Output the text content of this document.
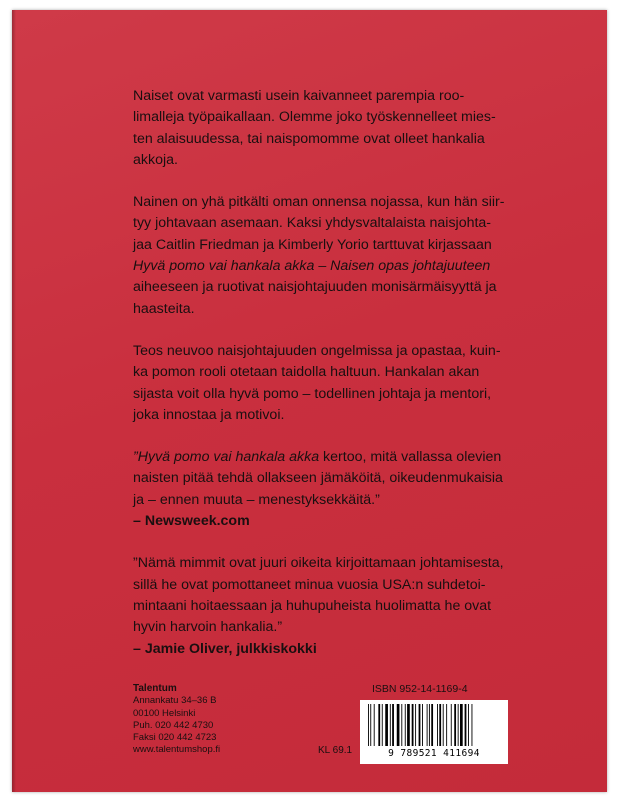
Naiset ovat varmasti usein kaivanneet parempia roo-
limalleja työpaikallaan. Olemme joko työskennelleet mies-
ten alaisuudessa, tai naispomomme ovat olleet hankalia
akkoja.

Nainen on yhä pitkälti oman onnensa nojassa, kun hän siir-
tyy johtavaan asemaan. Kaksi yhdysvaltalaista naisjohta-
jaa Caitlin Friedman ja Kimberly Yorio tarttuvat kirjassaan
Hyvä pomo vai hankala akka – Naisen opas johtajuuteen
aiheeseen ja ruotivat naisjohtajuuden monisärmäisyyttä ja
haasteita.

Teos neuvoo naisjohtajuuden ongelmissa ja opastaa, kuin-
ka pomon rooli otetaan taidolla haltuun. Hankalan akan
sijasta voit olla hyvä pomo – todellinen johtaja ja mentori,
joka innostaa ja motivoi.

”Hyvä pomo vai hankala akka kertoo, mitä vallassa olevien
naisten pitää tehdä ollakseen jämäköitä, oikeudenmukaisia
ja – ennen muuta – menestyksekkäitä.”

– Newsweek.com

”Nämä mimmit ovat juuri oikeita kirjoittamaan johtamisesta,
sillä he ovat pomottaneet minua vuosia USA:n suhdetoi-
mintaani hoitaessaan ja huhupuheista huolimatta he ovat
hyvin harvoin hankalia.”

– Jamie Oliver, julkkiskokki

Talentum
Annankatu 34–36 B
00100 Helsinki
Puh. 020 442 4730
Faksi 020 442 4723
www.talentumshop.fi
ISBN 952-14-1169-4
KL 69.1	9 789521 411694
